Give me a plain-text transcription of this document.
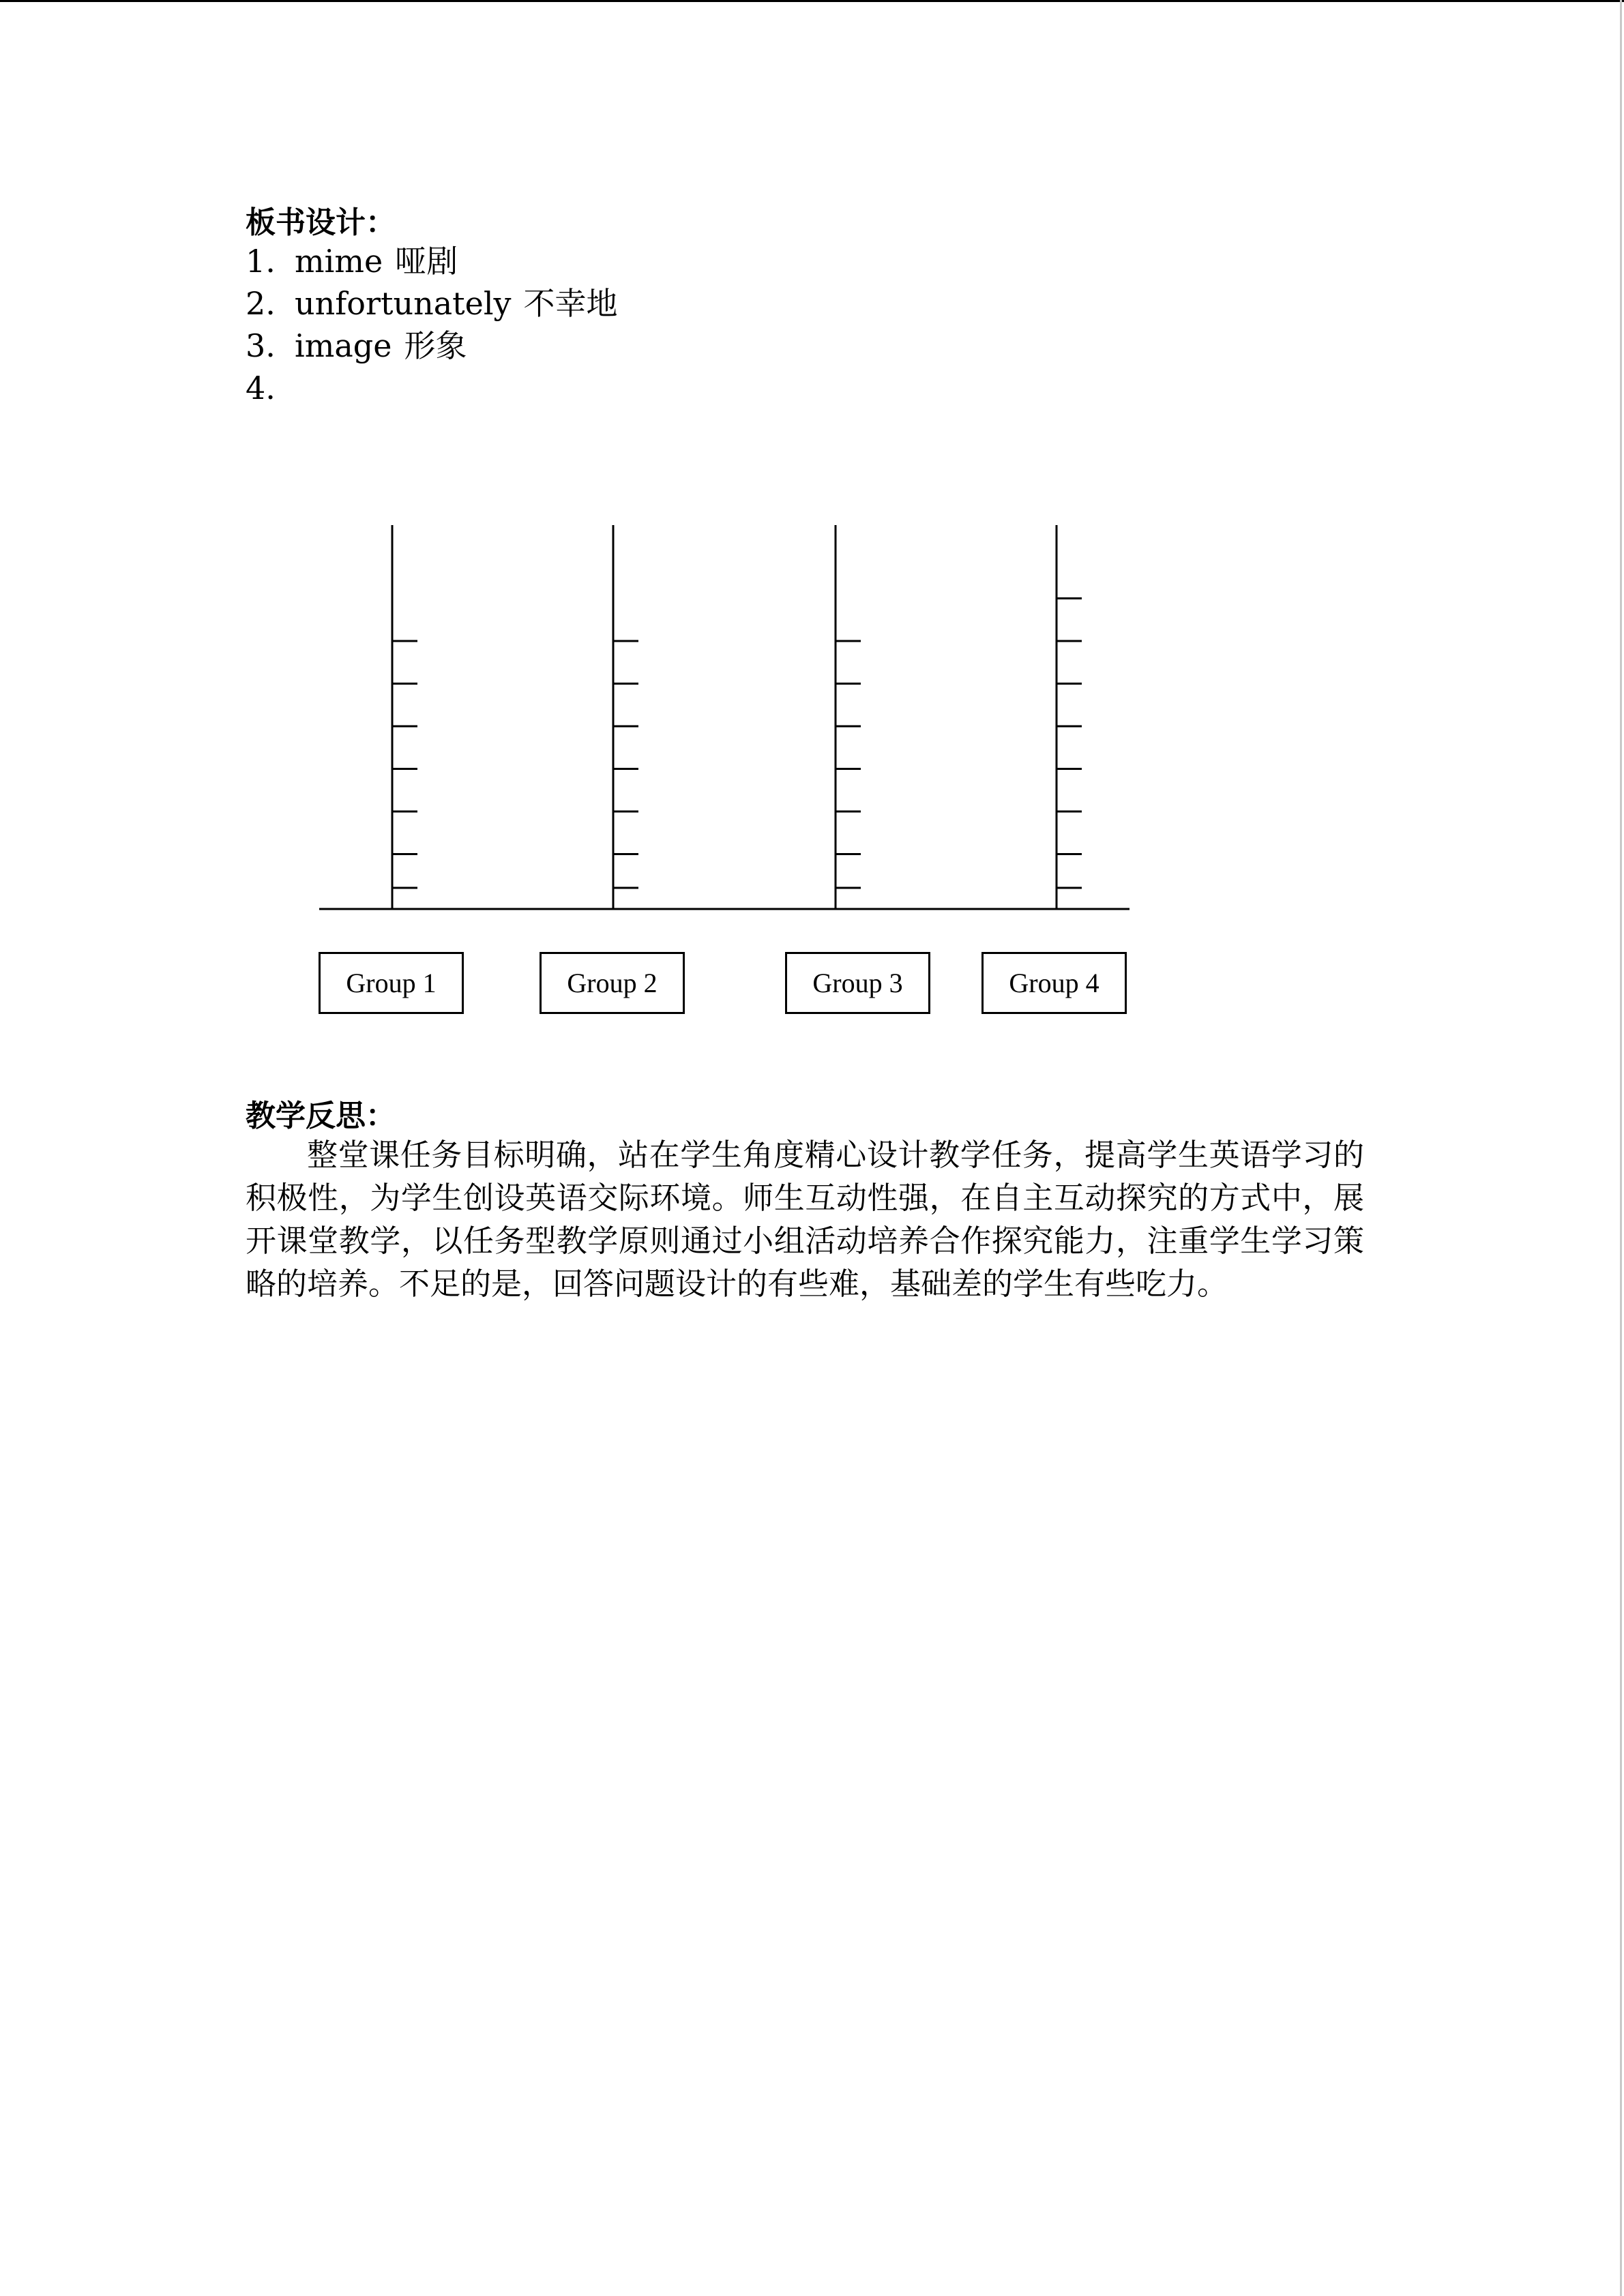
板书设计：
1. mime 哑剧
2. unfortunately 不幸地
3. image 形象
4.
Group 1	Group 2	Group 3	Group 4
教学反思：

整堂课任务目标明确，站在学生角度精心设计教学任务，提高学生英语学习的积极性，为学生创设英语交际环境。师生互动性强，在自主互动探究的方式中，展开课堂教学，以任务型教学原则通过小组活动培养合作探究能力，注重学生学习策略的培养。不足的是，回答问题设计的有些难，基础差的学生有些吃力。
